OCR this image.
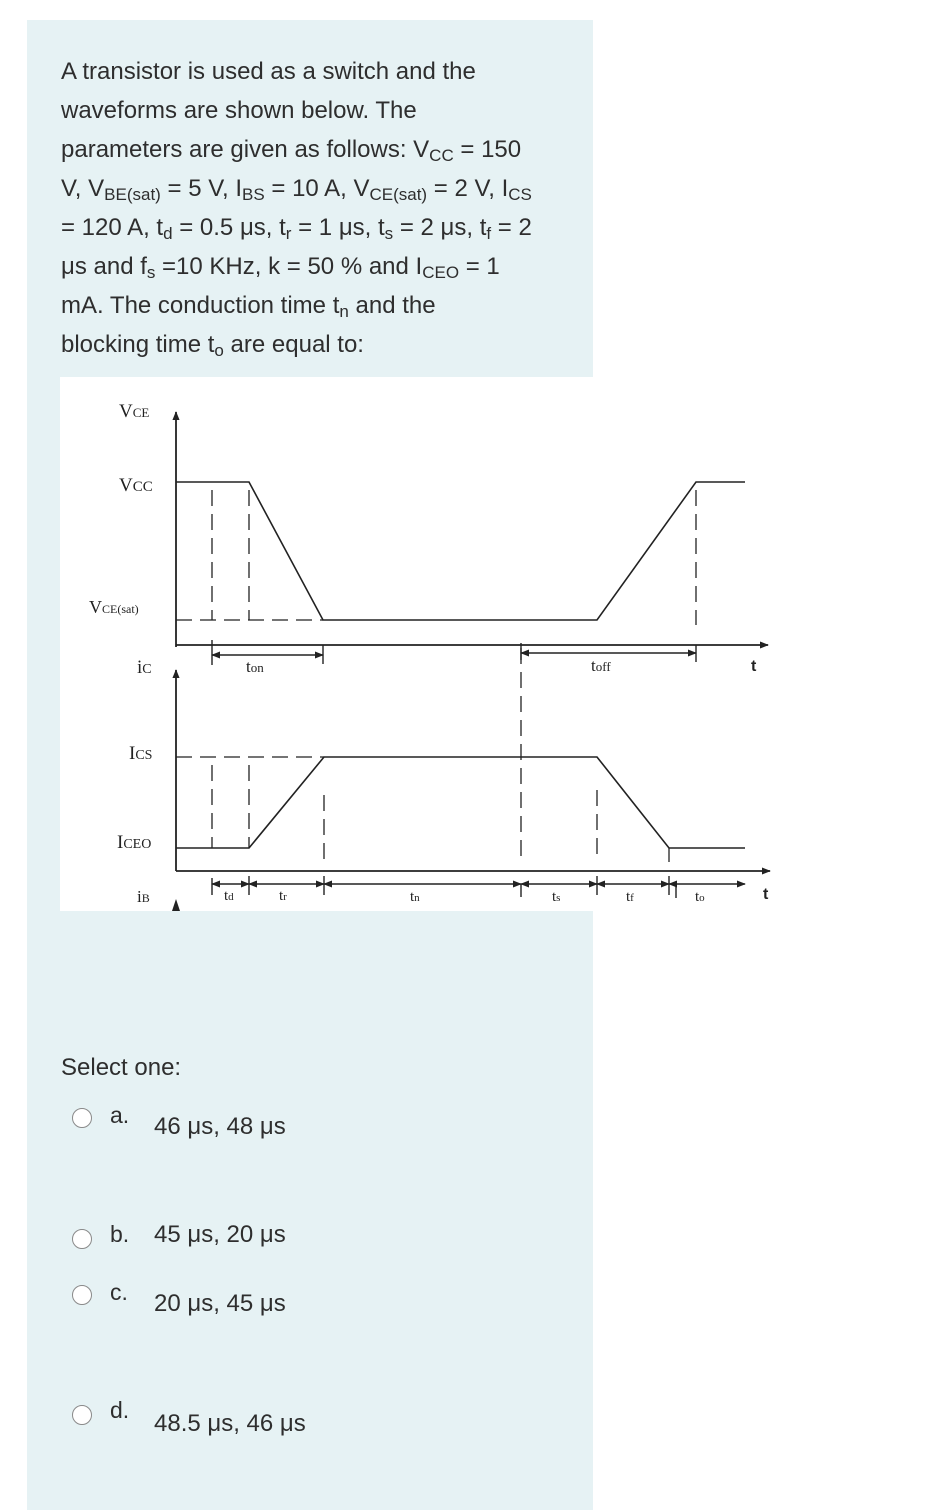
A transistor is used as a switch and the

waveforms are shown below. The

parameters are given as follows: $V_{CC} = 150$

V, $V_{BE(sat)} = 5$ V, $I_{BS} = 10$ A, $V_{CE(sat)} = 2$ V, $I_{CS}$

= 120 A, $t_d = 0.5$ μs, $t_r = 1$ μs, $t_s = 2$ μs, $t_f = 2$

μs and $f_s =10$ KHz, k = 50 % and $I_{CEO} = 1$

mA. The conduction time $t_n$ and the

blocking time $t_o$ are equal to:

VCE
VCC
VCE(sat)
iC
ICS
ICEO
iB
t
t
ton	toff
td	tr	tn	ts	tf	to
Select one:
a. 46 μs, 48 μs
b. 45 μs, 20 μs
c. 20 μs, 45 μs
d. 48.5 μs, 46 μs
